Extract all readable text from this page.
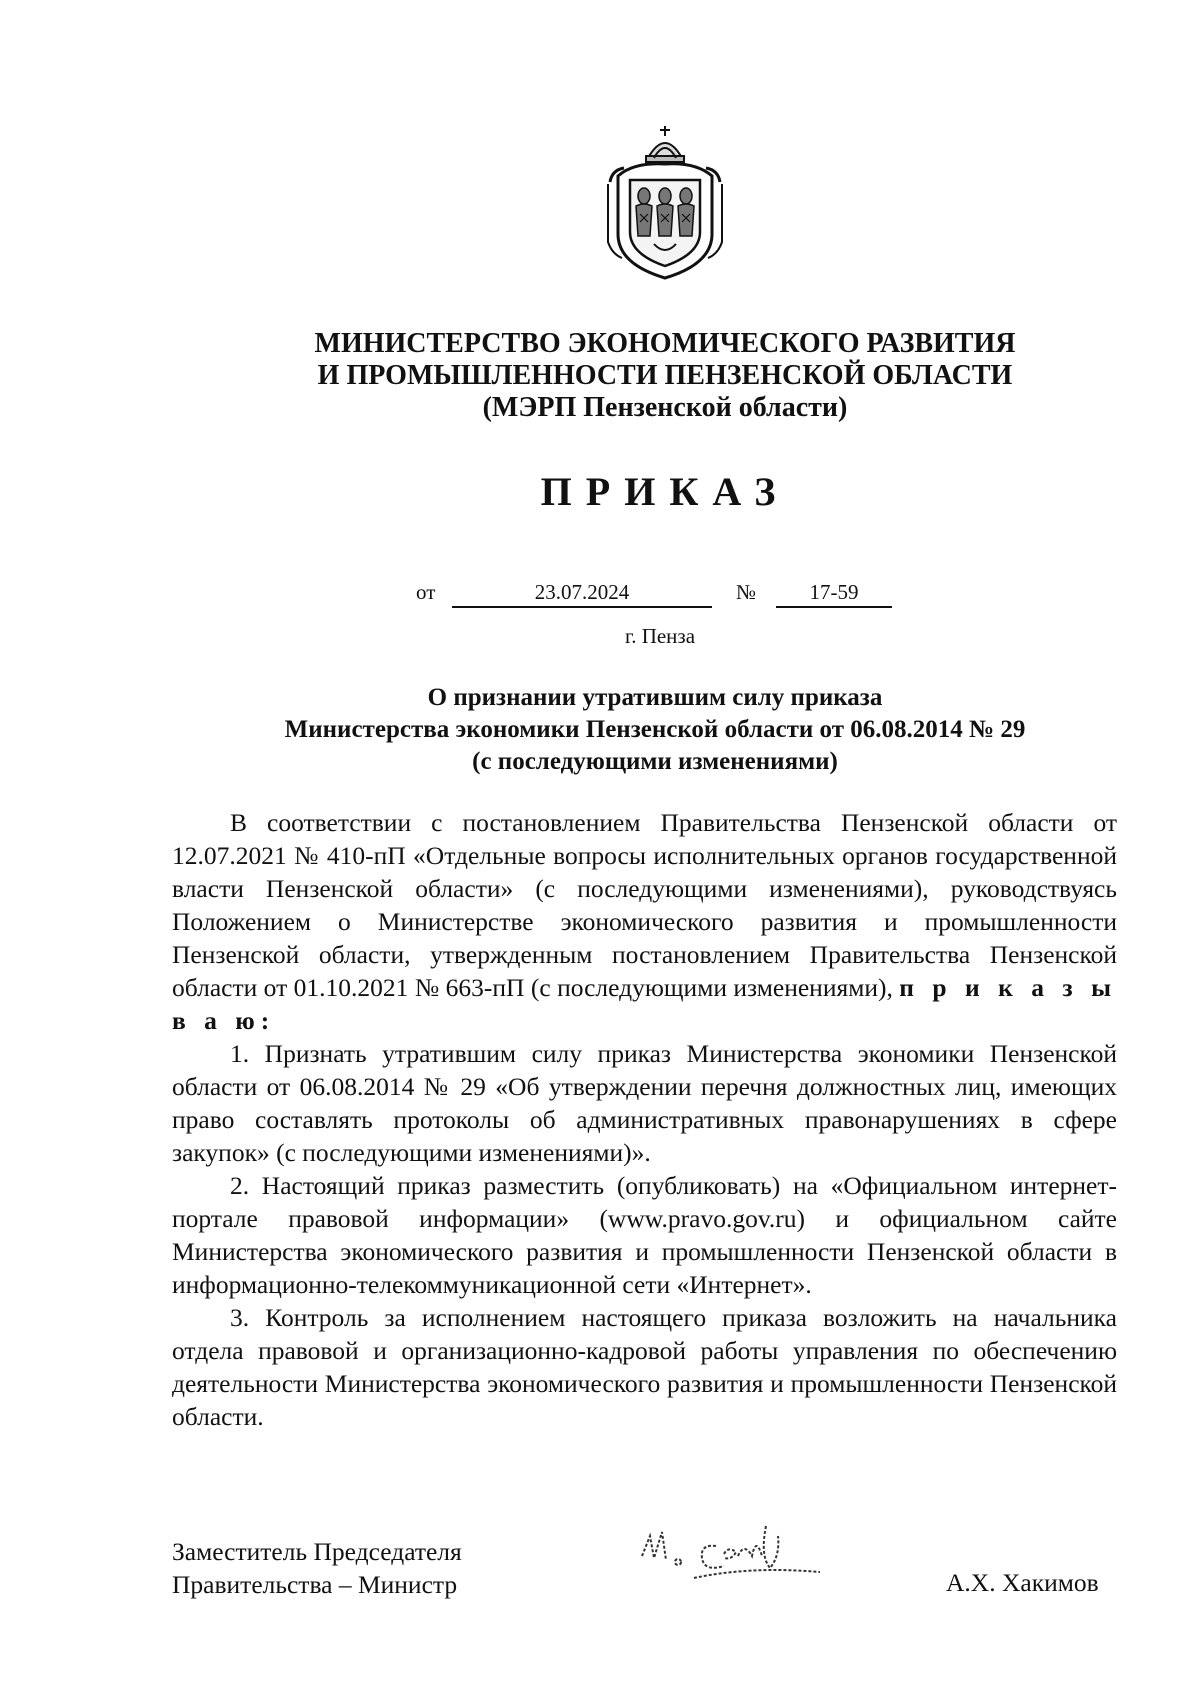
МИНИСТЕРСТВО ЭКОНОМИЧЕСКОГО РАЗВИТИЯ
И ПРОМЫШЛЕННОСТИ ПЕНЗЕНСКОЙ ОБЛАСТИ
(МЭРП Пензенской области)
ПРИКАЗ
от	23.07.2024	№	17-59
г. Пенза
О признании утратившим силу приказа
Министерства экономики Пензенской области от 06.08.2014 № 29
(с последующими изменениями)

В соответствии с постановлением Правительства Пензенской области от 12.07.2021 № 410-пП «Отдельные вопросы исполнительных органов государственной власти Пензенской области» (с последующими изменениями), руководствуясь Положением о Министерстве экономического развития и промышленности Пензенской области, утвержденным постановлением Правительства Пензенской области от 01.10.2021 № 663-пП (с последующими изменениями), п р и к а з ы в а ю:

1. Признать утратившим силу приказ Министерства экономики Пензенской области от 06.08.2014 № 29 «Об утверждении перечня должностных лиц, имеющих право составлять протоколы об административных правонарушениях в сфере закупок» (с последующими изменениями)».

2. Настоящий приказ разместить (опубликовать) на «Официальном интернет-портале правовой информации» (www.pravo.gov.ru) и официальном сайте Министерства экономического развития и промышленности Пензенской области в информационно-телекоммуникационной сети «Интернет».

3. Контроль за исполнением настоящего приказа возложить на начальника отдела правовой и организационно-кадровой работы управления по обеспечению деятельности Министерства экономического развития и промышленности Пензенской области.

Заместитель Председателя
Правительства – Министр	А.Х. Хакимов
